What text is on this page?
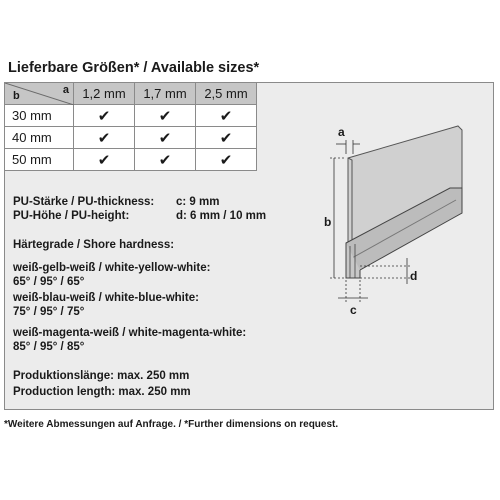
Lieferbare Größen* / Available sizes*
a
b	1,2 mm	1,7 mm	2,5 mm
30 mm	✔	✔	✔
40 mm	✔	✔	✔
50 mm	✔	✔	✔
PU-Stärke / PU-thickness: c: 9 mm
PU-Höhe / PU-height:	d: 6 mm / 10 mm
Härtegrade / Shore hardness:
weiß-gelb-weiß / white-yellow-white:
65° / 95° / 65°
weiß-blau-weiß / white-blue-white:
75° / 95° / 75°
weiß-magenta-weiß / white-magenta-white:
85° / 95° / 85°
Produktionslänge: max. 250 mm
Production length: max. 250 mm
a
b
d
c
*Weitere Abmessungen auf Anfrage. / *Further dimensions on request.
